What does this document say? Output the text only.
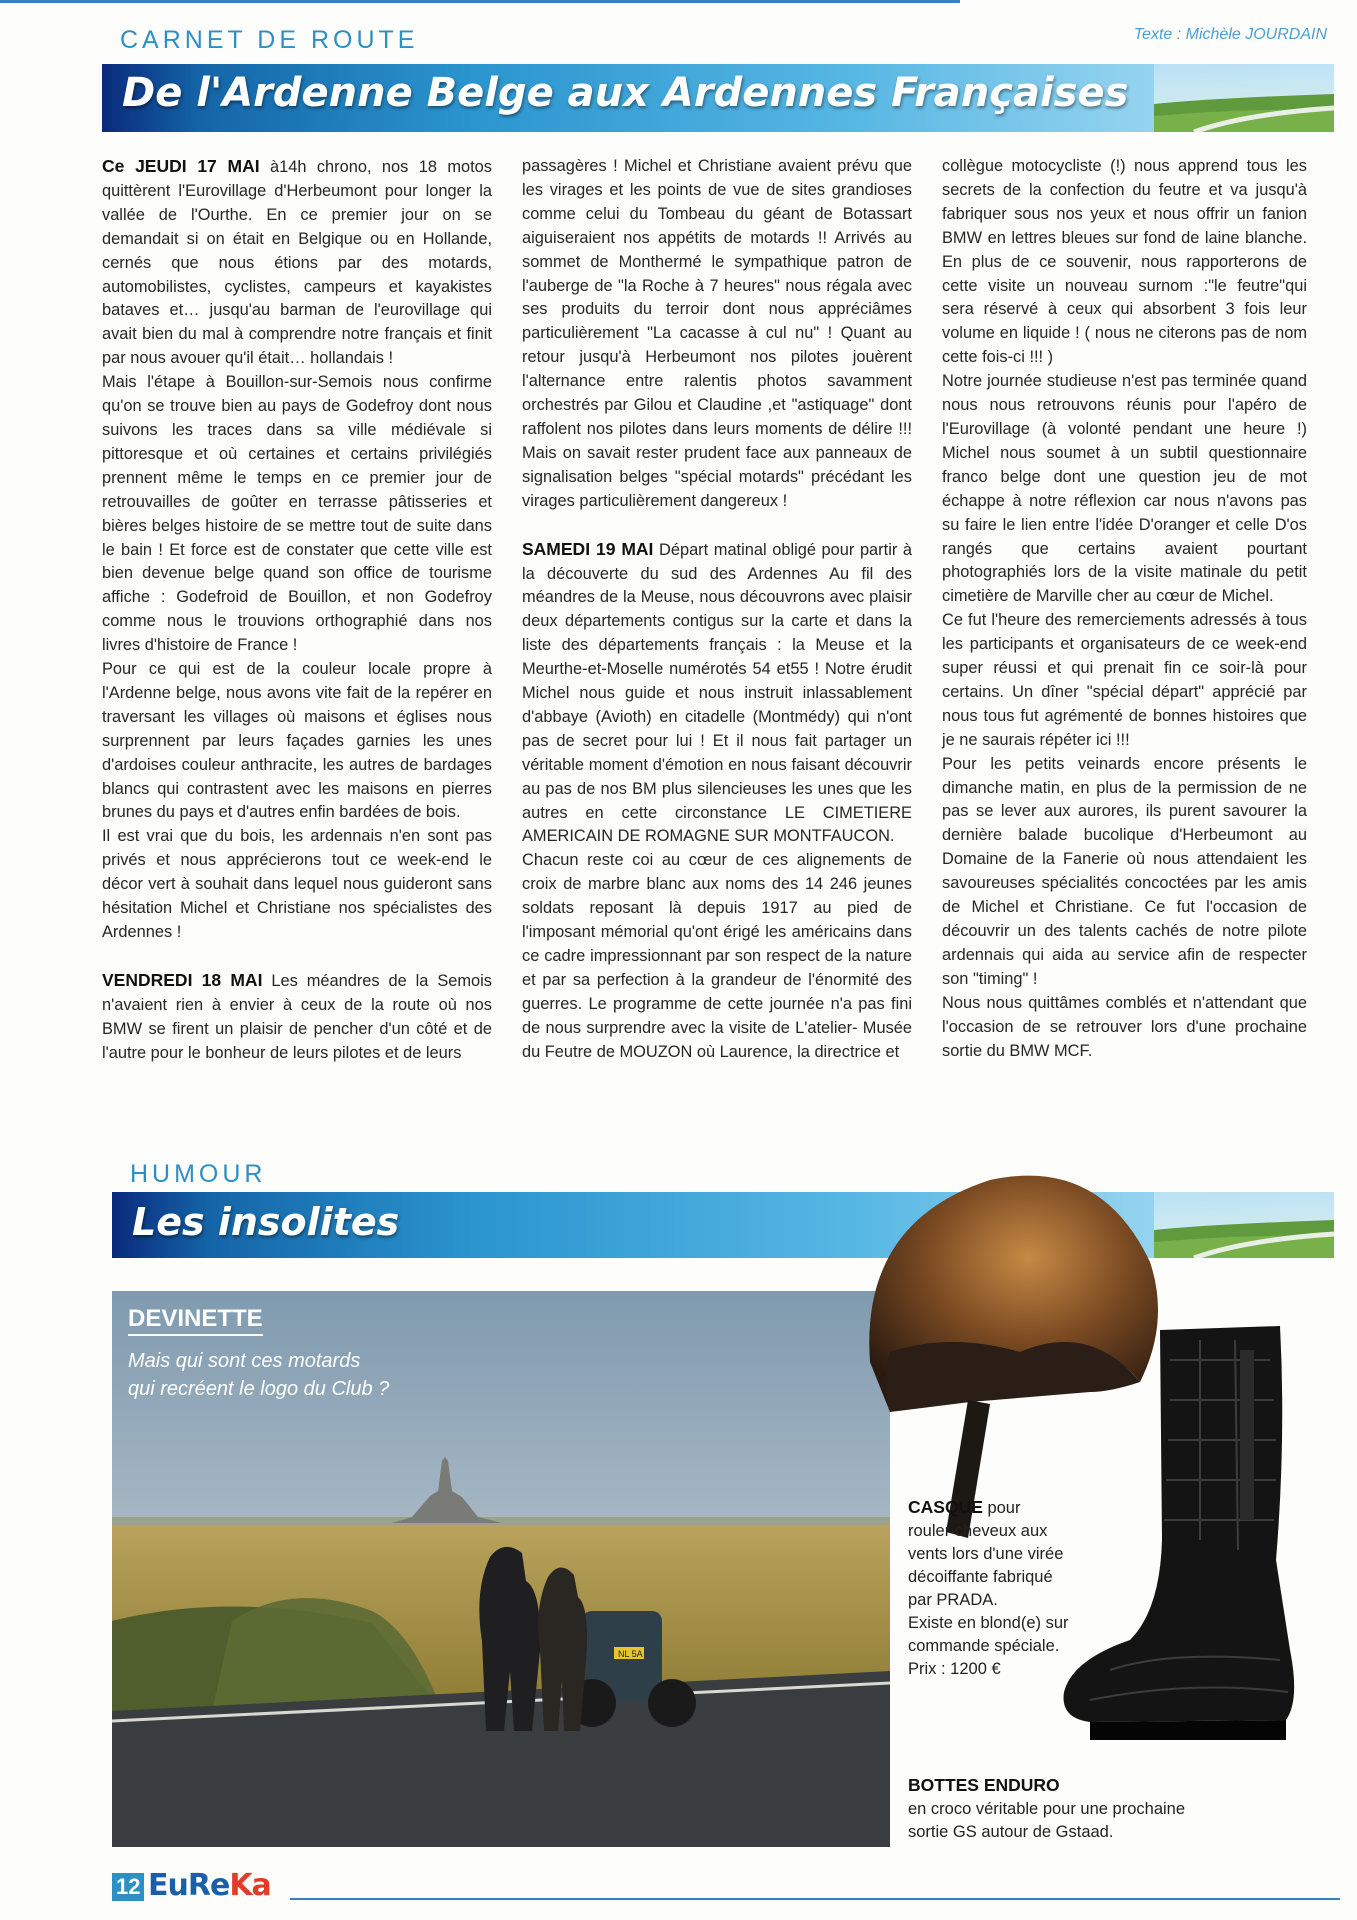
CARNET DE ROUTE	Texte : Michèle JOURDAIN
De l'Ardenne Belge aux Ardennes Françaises

Ce JEUDI 17 MAI à14h chrono, nos 18 motos quittèrent l'Eurovillage d'Herbeumont pour longer la vallée de l'Ourthe. En ce premier jour on se demandait si on était en Belgique ou en Hollande, cernés que nous étions par des motards, automobilistes, cyclistes, campeurs et kayakistes bataves et… jusqu'au barman de l'eurovillage qui avait bien du mal à comprendre notre français et finit par nous avouer qu'il était… hollandais !

Mais l'étape à Bouillon-sur-Semois nous confirme qu'on se trouve bien au pays de Godefroy dont nous suivons les traces dans sa ville médiévale si pittoresque et où certaines et certains privilégiés prennent même le temps en ce premier jour de retrouvailles de goûter en terrasse pâtisseries et bières belges histoire de se mettre tout de suite dans le bain ! Et force est de constater que cette ville est bien devenue belge quand son office de tourisme affiche : Godefroid de Bouillon, et non Godefroy comme nous le trouvions orthographié dans nos livres d'histoire de France !

Pour ce qui est de la couleur locale propre à l'Ardenne belge, nous avons vite fait de la repérer en traversant les villages où maisons et églises nous surprennent par leurs façades garnies les unes d'ardoises couleur anthracite, les autres de bardages blancs qui contrastent avec les maisons en pierres brunes du pays et d'autres enfin bardées de bois.

Il est vrai que du bois, les ardennais n'en sont pas privés et nous apprécierons tout ce week-end le décor vert à souhait dans lequel nous guideront sans hésitation Michel et Christiane nos spécialistes des Ardennes !

VENDREDI 18 MAI Les méandres de la Semois n'avaient rien à envier à ceux de la route où nos BMW se firent un plaisir de pencher d'un côté et de l'autre pour le bonheur de leurs pilotes et de leurs

passagères ! Michel et Christiane avaient prévu que les virages et les points de vue de sites grandioses comme celui du Tombeau du géant de Botassart aiguiseraient nos appétits de motards !! Arrivés au sommet de Monthermé le sympathique patron de l'auberge de "la Roche à 7 heures" nous régala avec ses produits du terroir dont nous appréciâmes particulièrement "La cacasse à cul nu" ! Quant au retour jusqu'à Herbeumont nos pilotes jouèrent l'alternance entre ralentis photos savamment orchestrés par Gilou et Claudine ,et "astiquage" dont raffolent nos pilotes dans leurs moments de délire !!! Mais on savait rester prudent face aux panneaux de signalisation belges "spécial motards" précédant les virages particulièrement dangereux !

SAMEDI 19 MAI Départ matinal obligé pour partir à la découverte du sud des Ardennes Au fil des méandres de la Meuse, nous découvrons avec plaisir deux départements contigus sur la carte et dans la liste des départements français : la Meuse et la Meurthe-et-Moselle numérotés 54 et55 ! Notre érudit Michel nous guide et nous instruit inlassablement d'abbaye (Avioth) en citadelle (Montmédy) qui n'ont pas de secret pour lui ! Et il nous fait partager un véritable moment d'émotion en nous faisant découvrir au pas de nos BM plus silencieuses les unes que les autres en cette circonstance LE CIMETIERE AMERICAIN DE ROMAGNE SUR MONTFAUCON.

Chacun reste coi au cœur de ces alignements de croix de marbre blanc aux noms des 14 246 jeunes soldats reposant là depuis 1917 au pied de l'imposant mémorial qu'ont érigé les américains dans ce cadre impressionnant par son respect de la nature et par sa perfection à la grandeur de l'énormité des guerres. Le programme de cette journée n'a pas fini de nous surprendre avec la visite de L'atelier- Musée du Feutre de MOUZON où Laurence, la directrice et

collègue motocycliste (!) nous apprend tous les secrets de la confection du feutre et va jusqu'à fabriquer sous nos yeux et nous offrir un fanion BMW en lettres bleues sur fond de laine blanche. En plus de ce souvenir, nous rapporterons de cette visite un nouveau surnom :"le feutre"qui sera réservé à ceux qui absorbent 3 fois leur volume en liquide ! ( nous ne citerons pas de nom cette fois-ci !!! )

Notre journée studieuse n'est pas terminée quand nous nous retrouvons réunis pour l'apéro de l'Eurovillage (à volonté pendant une heure !) Michel nous soumet à un subtil questionnaire franco belge dont une question jeu de mot échappe à notre réflexion car nous n'avons pas su faire le lien entre l'idée D'oranger et celle D'os rangés que certains avaient pourtant photographiés lors de la visite matinale du petit cimetière de Marville cher au cœur de Michel.

Ce fut l'heure des remerciements adressés à tous les participants et organisateurs de ce week-end super réussi et qui prenait fin ce soir-là pour certains. Un dîner "spécial départ" apprécié par nous tous fut agrémenté de bonnes histoires que je ne saurais répéter ici !!!

Pour les petits veinards encore présents le dimanche matin, en plus de la permission de ne pas se lever aux aurores, ils purent savourer la dernière balade bucolique d'Herbeumont au Domaine de la Fanerie où nous attendaient les savoureuses spécialités concoctées par les amis de Michel et Christiane. Ce fut l'occasion de découvrir un des talents cachés de notre pilote ardennais qui aida au service afin de respecter son "timing" !

Nous nous quittâmes comblés et n'attendant que l'occasion de se retrouver lors d'une prochaine sortie du BMW MCF.

HUMOUR
Les insolites
NL 5A
DEVINETTE
Mais qui sont ces motards
qui recréent le logo du Club ?
CASQUE pour
rouler cheveux aux
vents lors d'une virée
décoiffante fabriqué
par PRADA.
Existe en blond(e) sur
commande spéciale.
Prix : 1200 €
BOTTES ENDURO
en croco véritable pour une prochaine
sortie GS autour de Gstaad.
12 EuReKa
